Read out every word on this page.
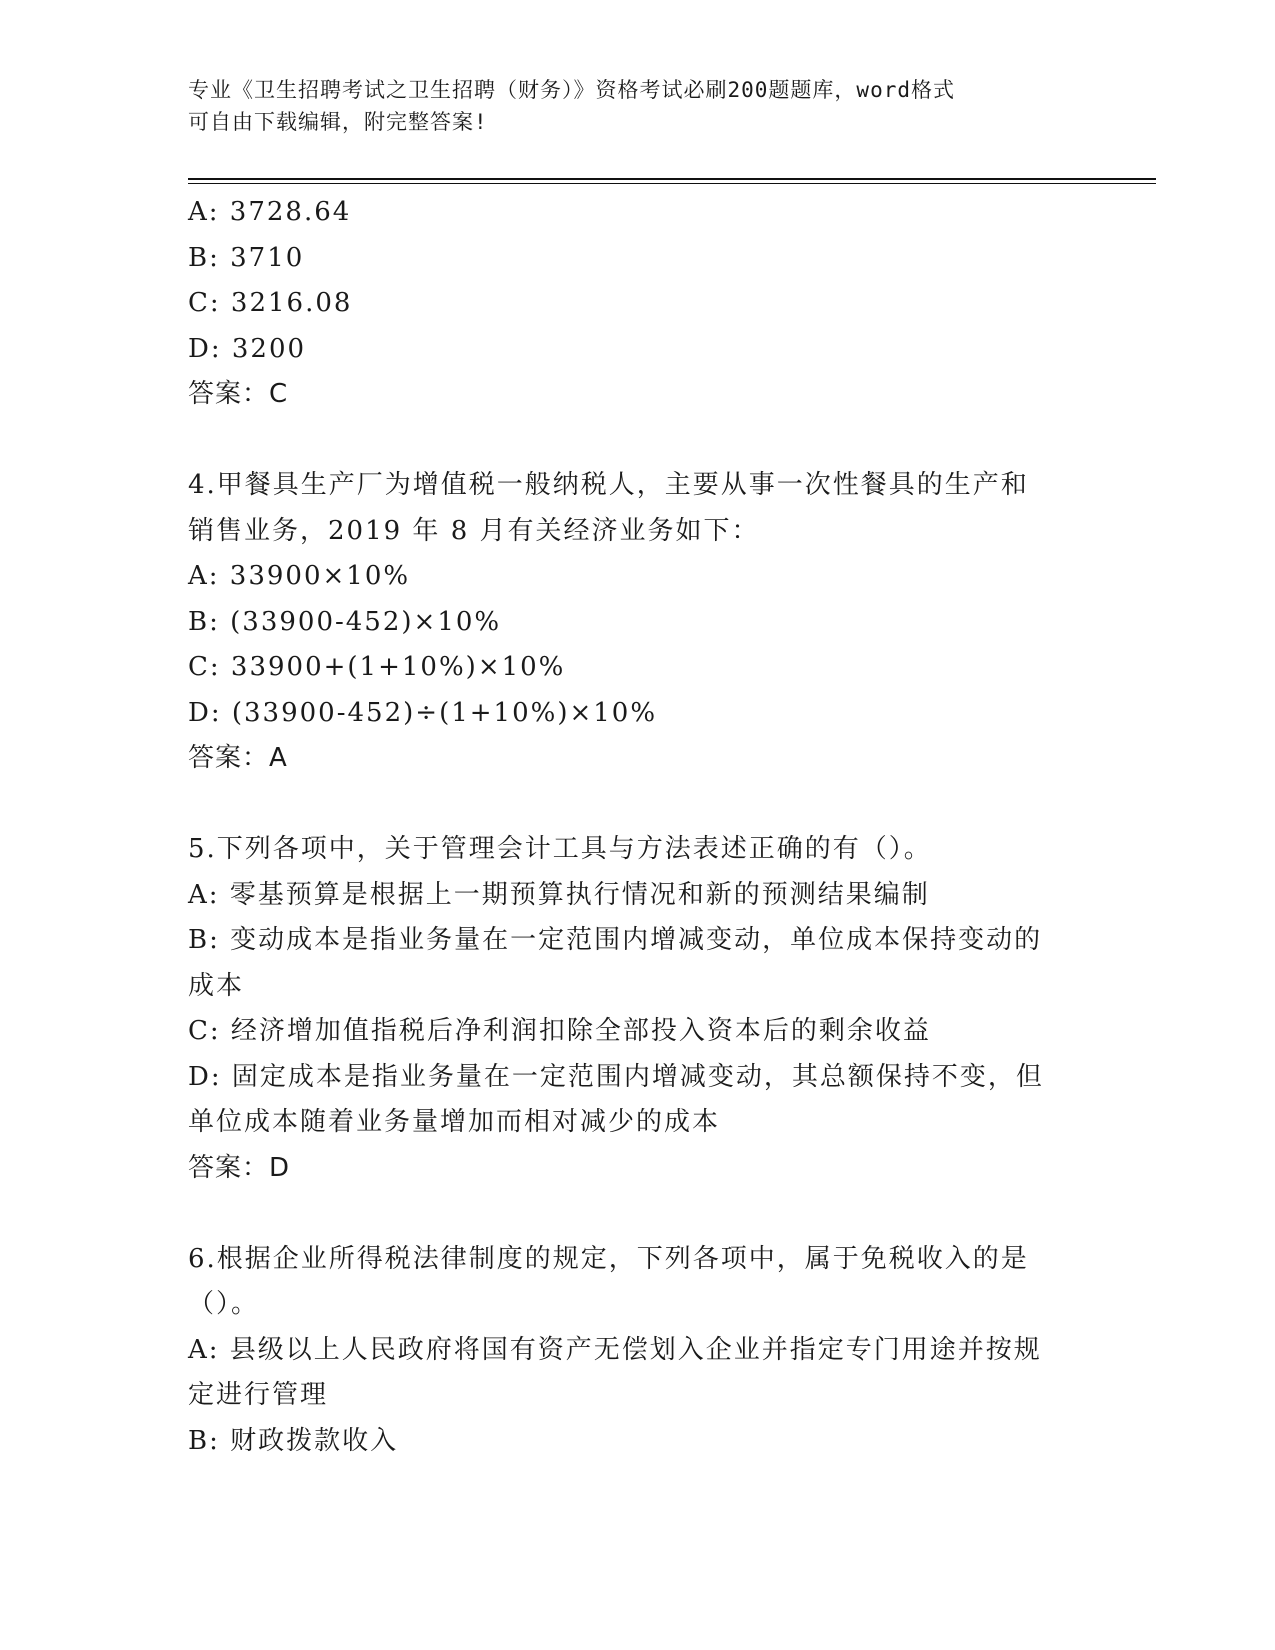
专业《卫生招聘考试之卫生招聘（财务）》资格考试必刷200题题库，word格式
可自由下载编辑，附完整答案!
A: 3728.64
B: 3710
C: 3216.08
D: 3200
答案：C
4.甲餐具生产厂为增值税一般纳税人，主要从事一次性餐具的生产和
销售业务，2019 年 8 月有关经济业务如下：
A: 33900×10%
B: (33900-452)×10%
C: 33900+(1+10%)×10%
D: (33900-452)÷(1+10%)×10%
答案：A
5.下列各项中，关于管理会计工具与方法表述正确的有（）。
A: 零基预算是根据上一期预算执行情况和新的预测结果编制
B: 变动成本是指业务量在一定范围内增减变动，单位成本保持变动的
成本
C: 经济增加值指税后净利润扣除全部投入资本后的剩余收益
D: 固定成本是指业务量在一定范围内增减变动，其总额保持不变，但
单位成本随着业务量增加而相对减少的成本
答案：D
6.根据企业所得税法律制度的规定，下列各项中，属于免税收入的是
（）。
A: 县级以上人民政府将国有资产无偿划入企业并指定专门用途并按规
定进行管理
B: 财政拨款收入
